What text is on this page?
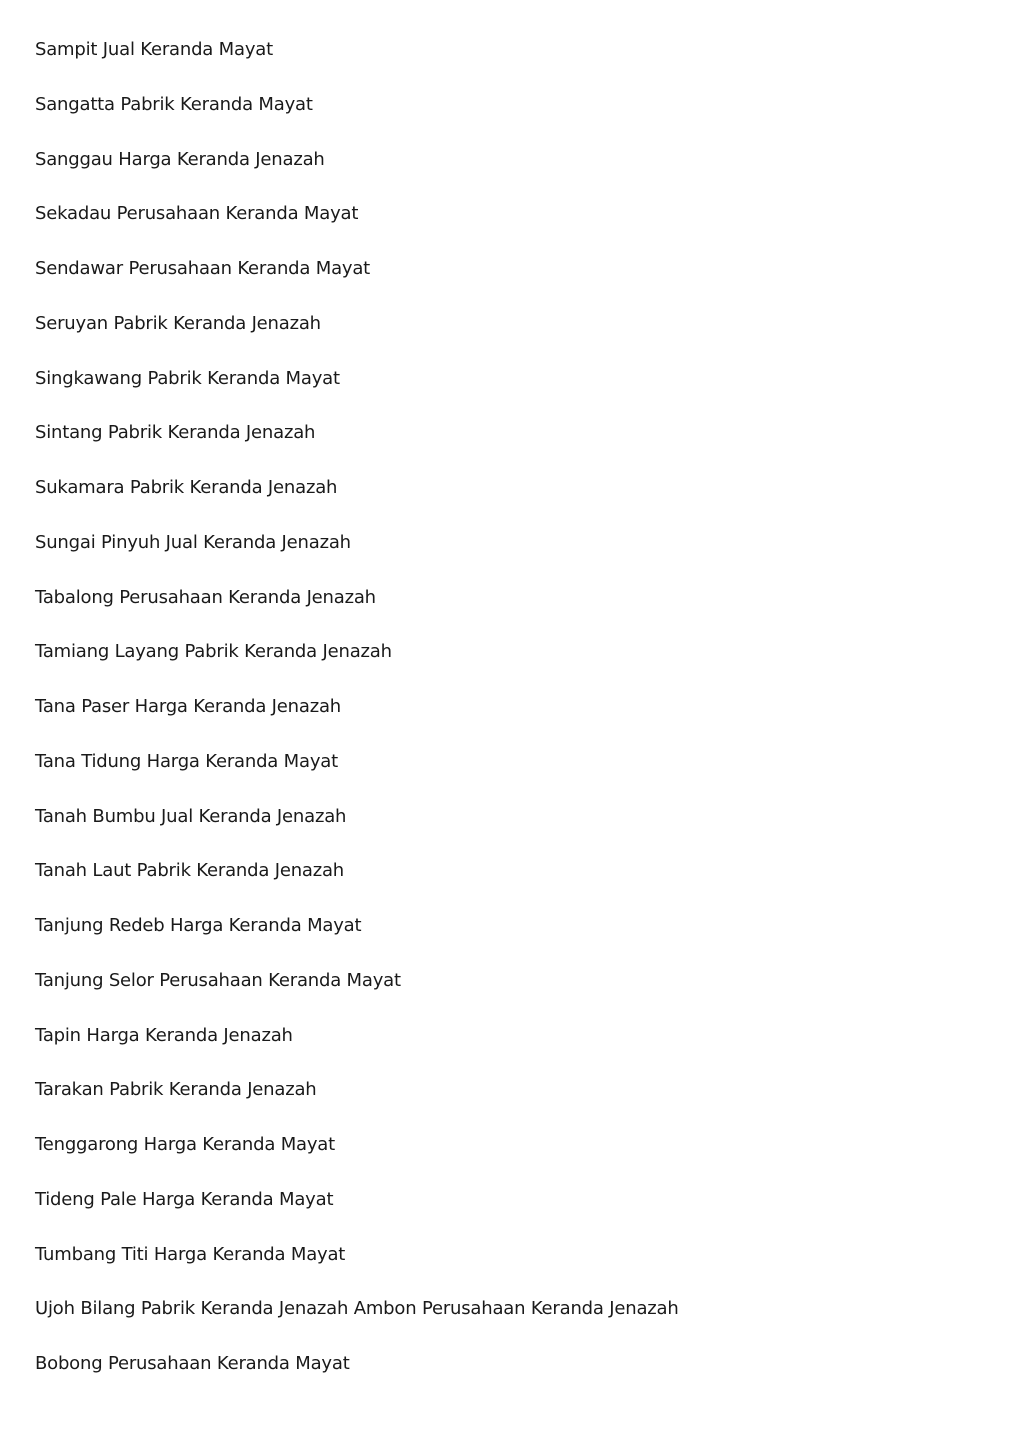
Sampit Jual Keranda Mayat
Sangatta Pabrik Keranda Mayat
Sanggau Harga Keranda Jenazah
Sekadau Perusahaan Keranda Mayat
Sendawar Perusahaan Keranda Mayat
Seruyan Pabrik Keranda Jenazah
Singkawang Pabrik Keranda Mayat
Sintang Pabrik Keranda Jenazah
Sukamara Pabrik Keranda Jenazah
Sungai Pinyuh Jual Keranda Jenazah
Tabalong Perusahaan Keranda Jenazah
Tamiang Layang Pabrik Keranda Jenazah
Tana Paser Harga Keranda Jenazah
Tana Tidung Harga Keranda Mayat
Tanah Bumbu Jual Keranda Jenazah
Tanah Laut Pabrik Keranda Jenazah
Tanjung Redeb Harga Keranda Mayat
Tanjung Selor Perusahaan Keranda Mayat
Tapin Harga Keranda Jenazah
Tarakan Pabrik Keranda Jenazah
Tenggarong Harga Keranda Mayat
Tideng Pale Harga Keranda Mayat
Tumbang Titi Harga Keranda Mayat
Ujoh Bilang Pabrik Keranda Jenazah Ambon Perusahaan Keranda Jenazah
Bobong Perusahaan Keranda Mayat
